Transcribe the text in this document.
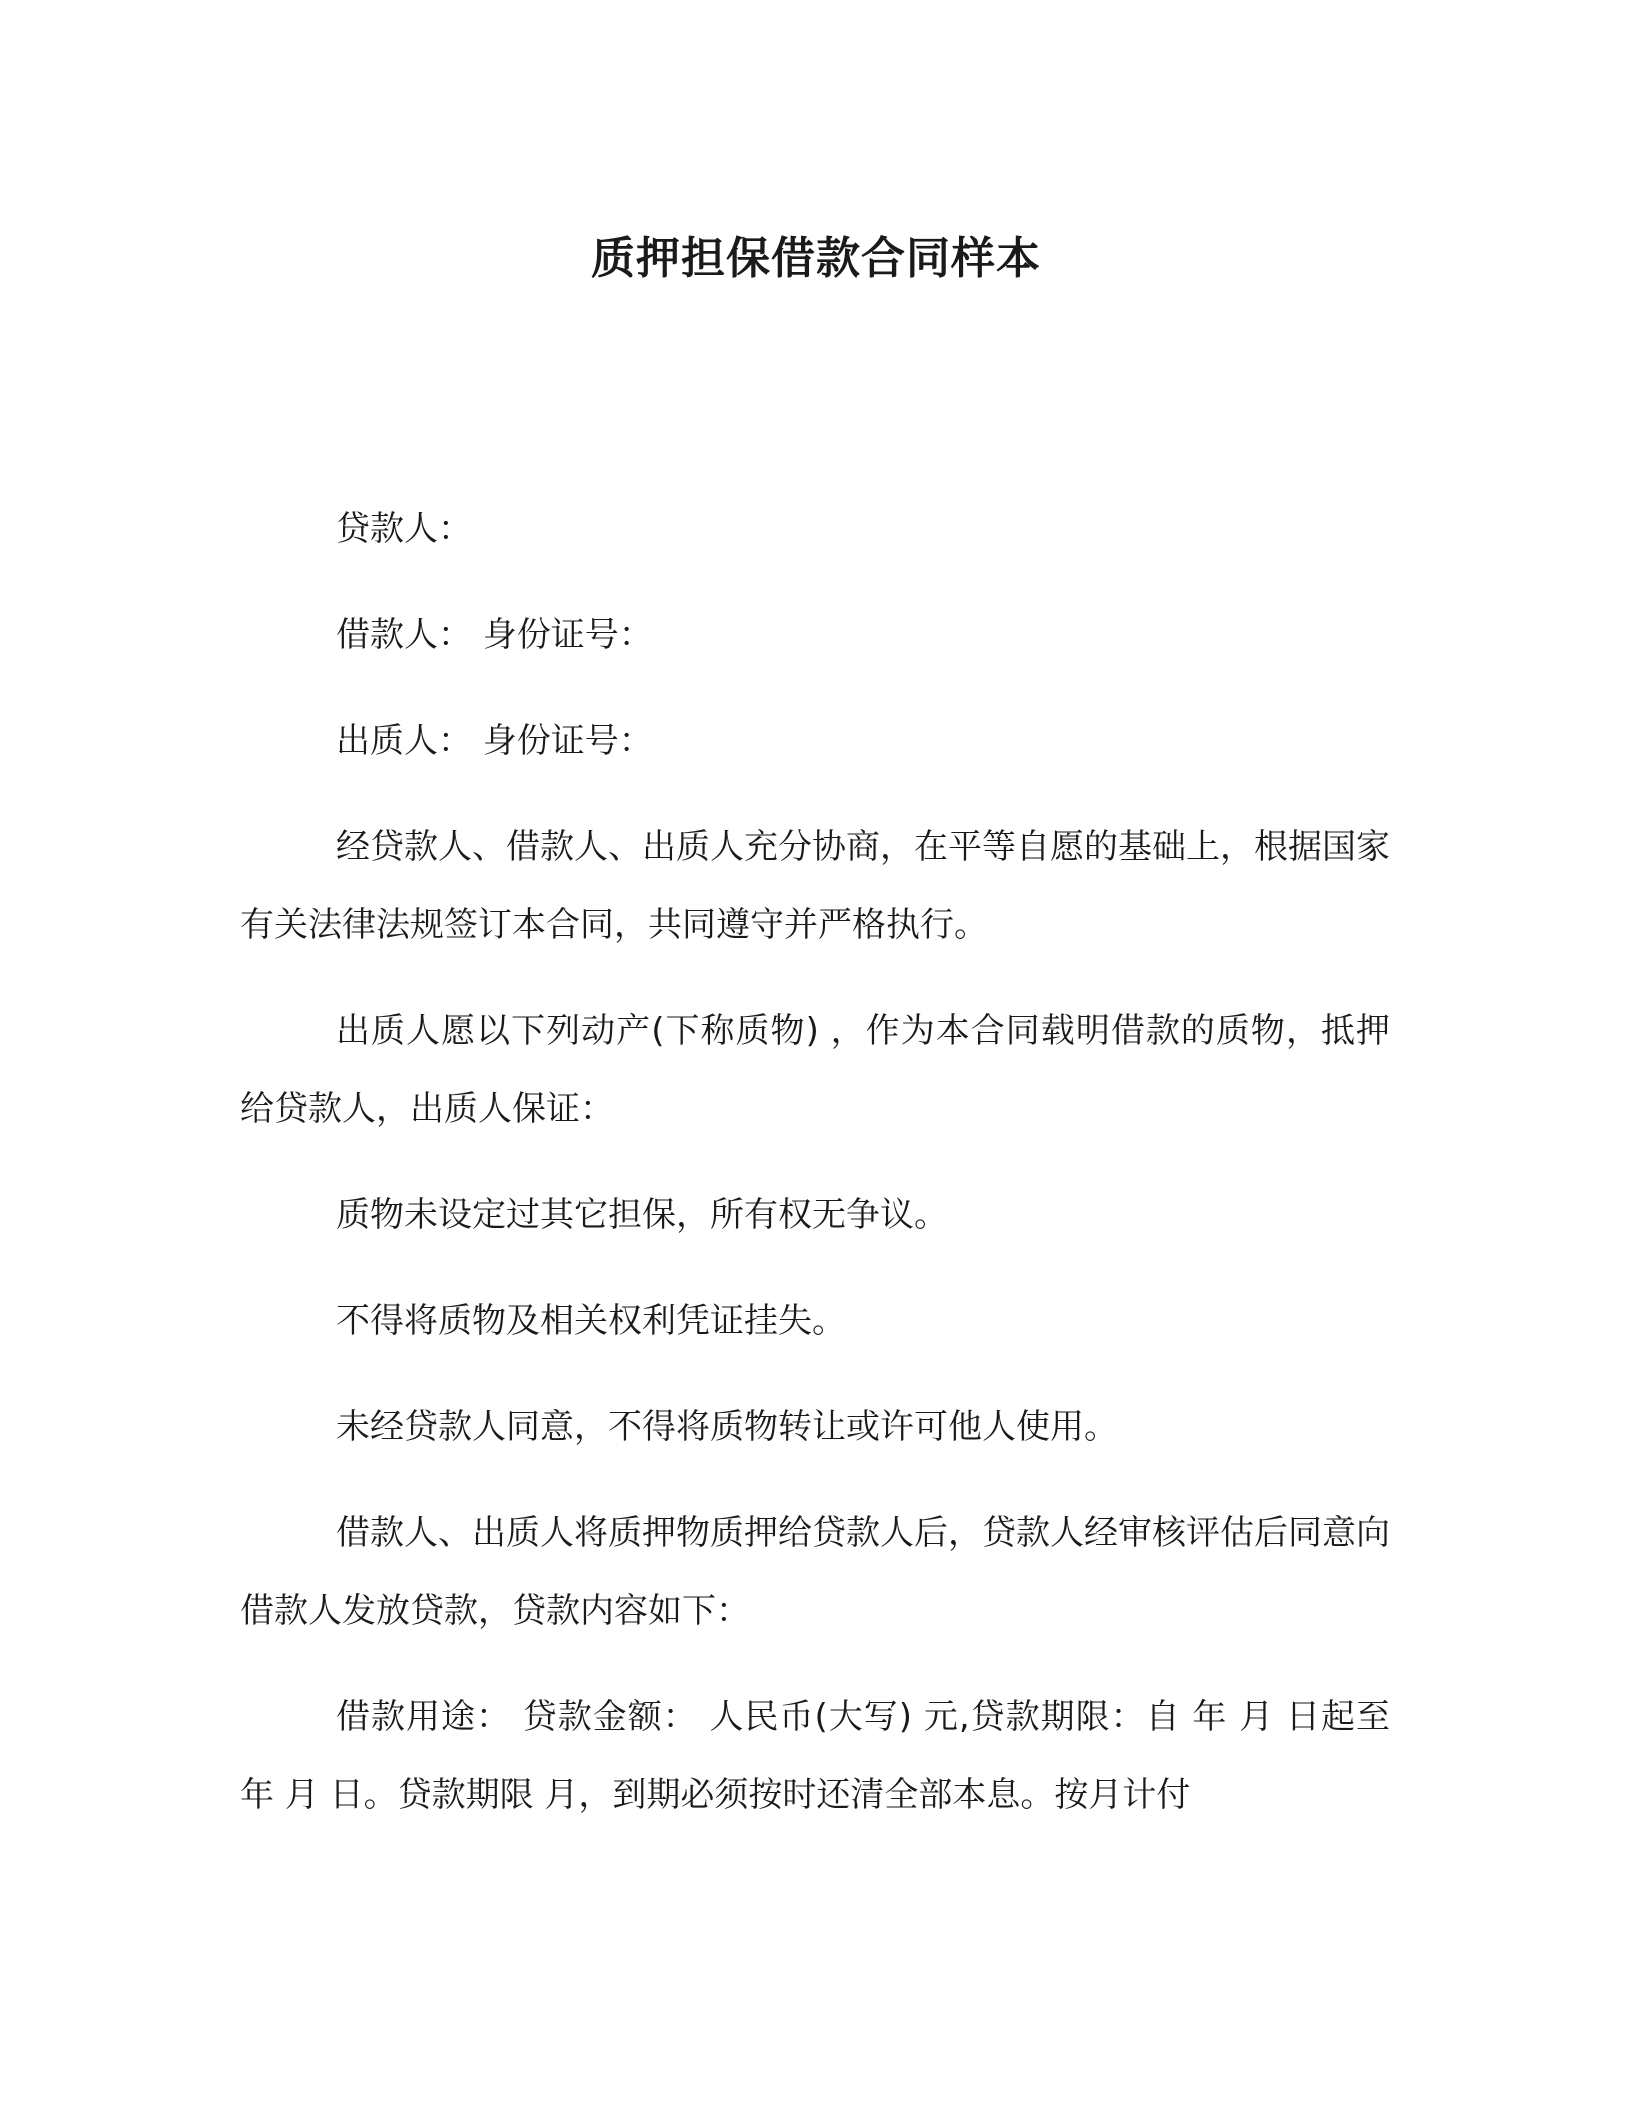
质押担保借款合同样本

贷款人：

借款人： 身份证号：

出质人： 身份证号：

经贷款人、借款人、出质人充分协商，在平等自愿的基础上，根据国家有关法律法规签订本合同，共同遵守并严格执行。

出质人愿以下列动产(下称质物) ，作为本合同载明借款的质物，抵押给贷款人，出质人保证：

质物未设定过其它担保，所有权无争议。

不得将质物及相关权利凭证挂失。

未经贷款人同意，不得将质物转让或许可他人使用。

借款人、出质人将质押物质押给贷款人后，贷款人经审核评估后同意向借款人发放贷款，贷款内容如下：

借款用途： 贷款金额： 人民币(大写) 元,贷款期限：自 年 月 日起至 年 月 日。贷款期限 月，到期必须按时还清全部本息。按月计付
